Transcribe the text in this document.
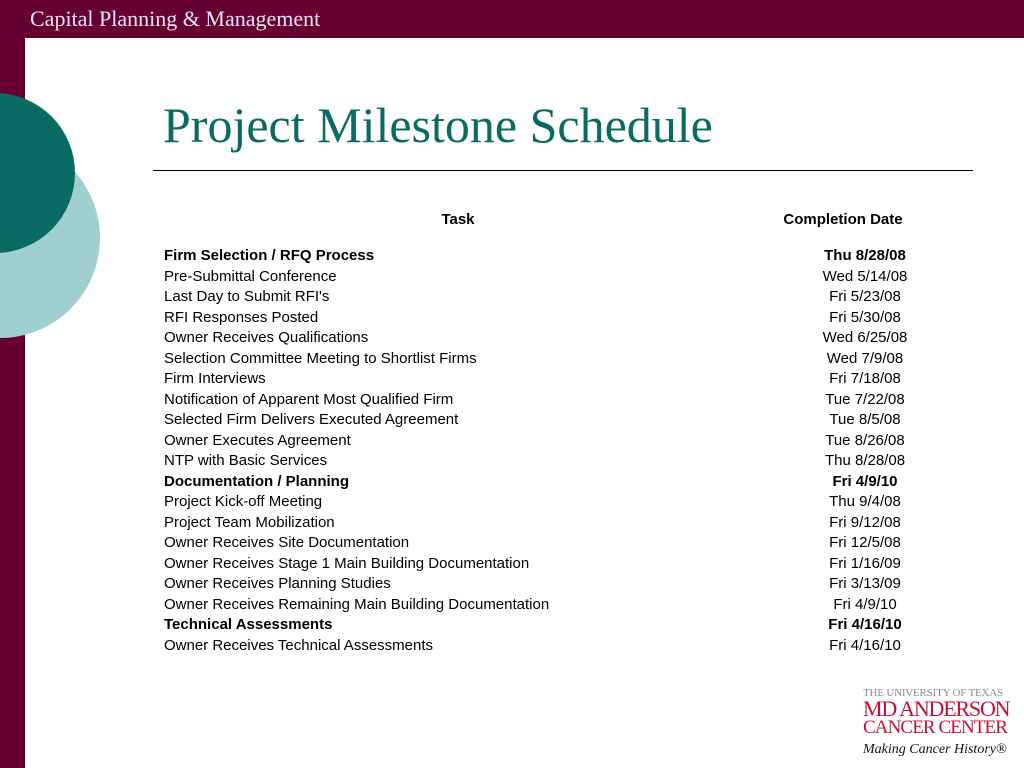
Capital Planning & Management
Project Milestone Schedule
Task	Completion Date
Firm Selection / RFQ Process	Thu 8/28/08
Pre-Submittal Conference	Wed 5/14/08
Last Day to Submit RFI's	Fri 5/23/08
RFI Responses Posted	Fri 5/30/08
Owner Receives Qualifications	Wed 6/25/08
Selection Committee Meeting to Shortlist Firms	Wed 7/9/08
Firm Interviews	Fri 7/18/08
Notification of Apparent Most Qualified Firm	Tue 7/22/08
Selected Firm Delivers Executed Agreement	Tue 8/5/08
Owner Executes Agreement	Tue 8/26/08
NTP with Basic Services	Thu 8/28/08
Documentation / Planning	Fri 4/9/10
Project Kick-off Meeting	Thu 9/4/08
Project Team Mobilization	Fri 9/12/08
Owner Receives Site Documentation	Fri 12/5/08
Owner Receives Stage 1 Main Building Documentation	Fri 1/16/09
Owner Receives Planning Studies	Fri 3/13/09
Owner Receives Remaining Main Building Documentation	Fri 4/9/10
Technical Assessments	Fri 4/16/10
Owner Receives Technical Assessments	Fri 4/16/10
THE UNIVERSITY OF TEXAS
MD ANDERSON
CANCER CENTER
Making Cancer History®
